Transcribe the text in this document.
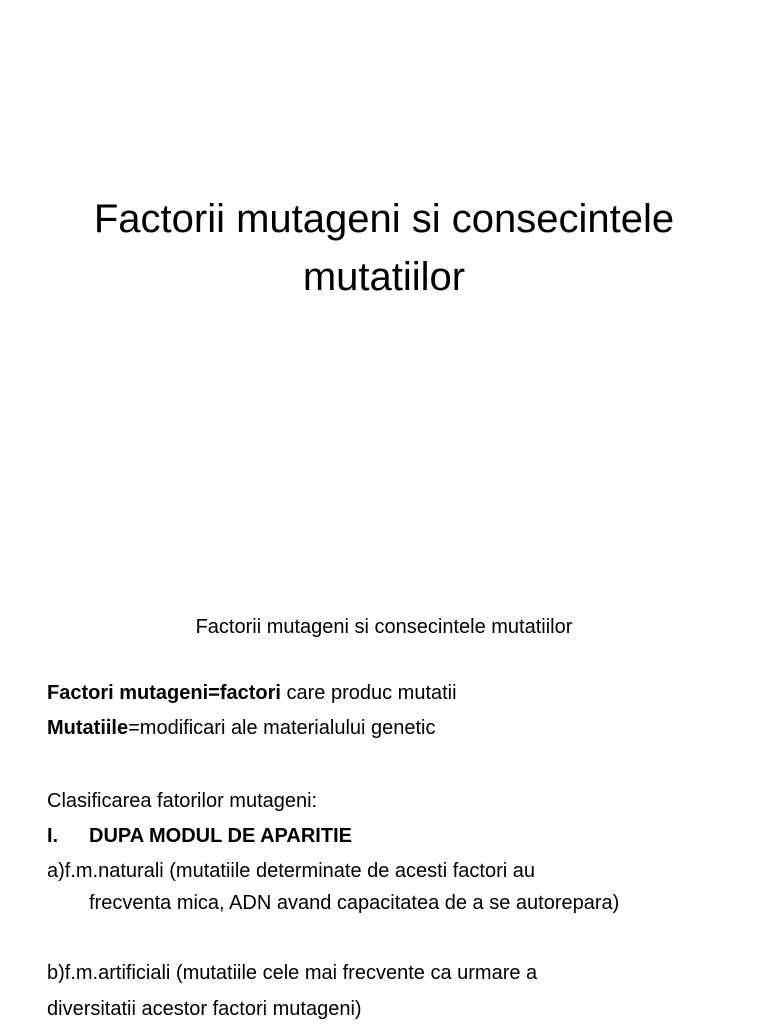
Factorii mutageni si consecintele
mutatiilor

Factorii mutageni si consecintele mutatiilor

Factori mutageni=factori care produc mutatii

Mutatiile=modificari ale materialului genetic

Clasificarea fatorilor mutageni:

I. DUPA MODUL DE APARITIE

a)f.m.naturali (mutatiile determinate de acesti factori au

frecventa mica, ADN avand capacitatea de a se autorepara)

b)f.m.artificiali (mutatiile cele mai frecvente ca urmare a

diversitatii acestor factori mutageni)
